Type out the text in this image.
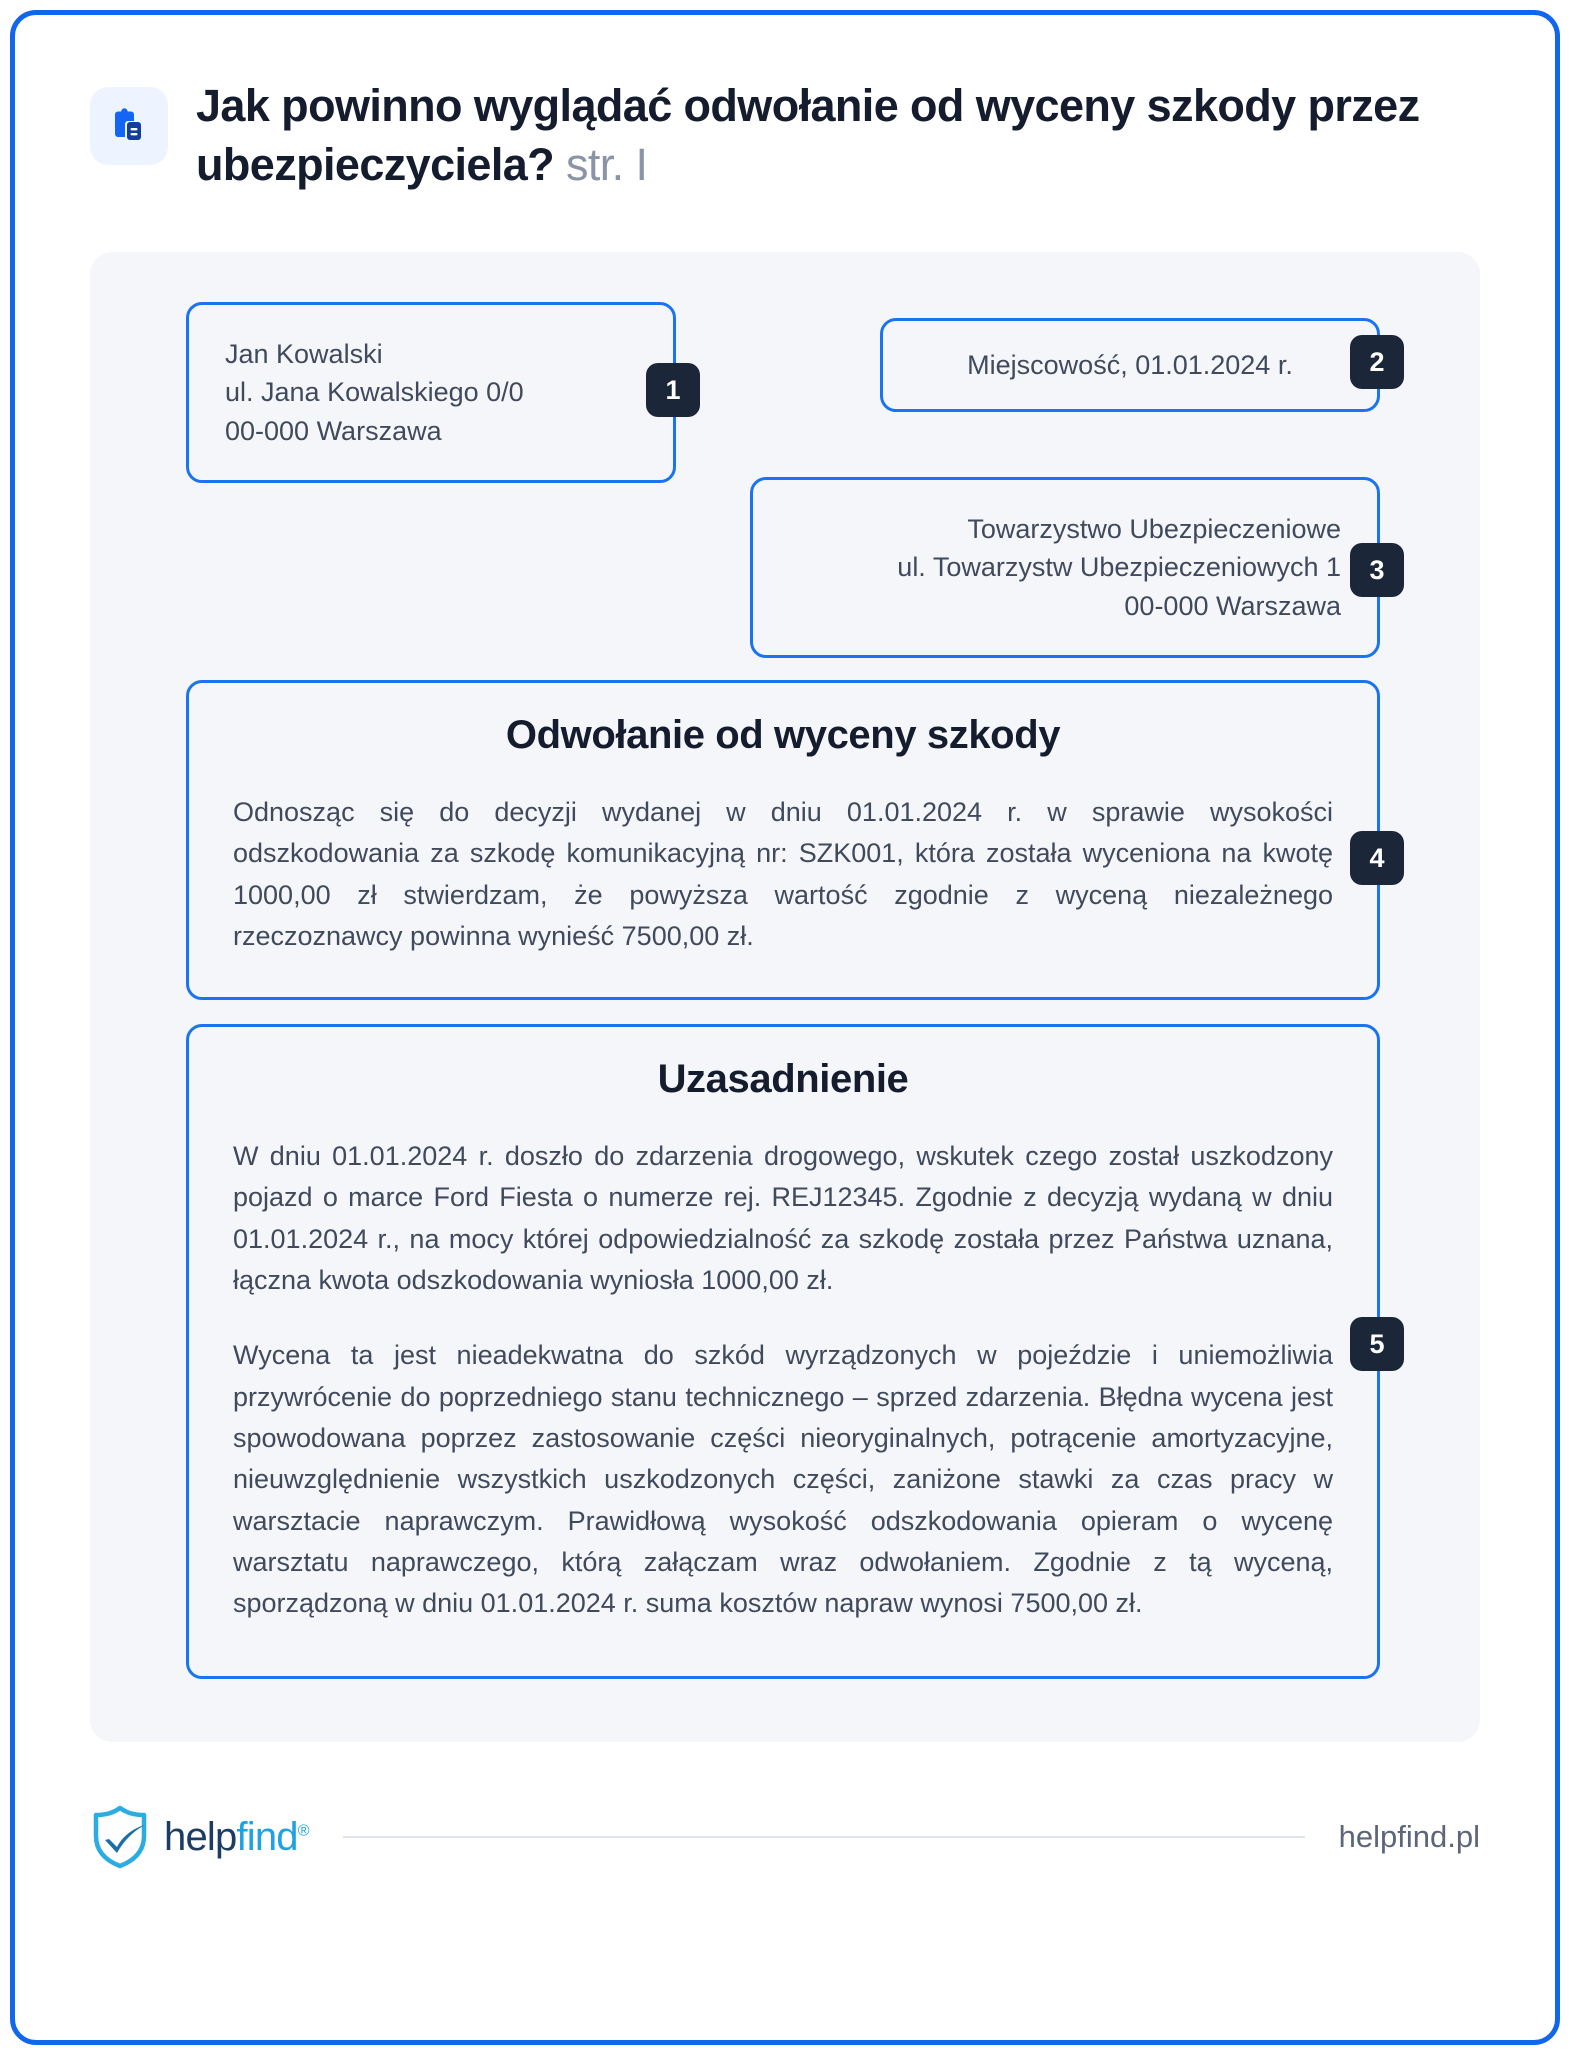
Jak powinno wyglądać odwołanie od wyceny szkody przez ubezpieczyciela? str. I
1
Jan Kowalski
ul. Jana Kowalskiego 0/0
00-000 Warszawa
2
Miejscowość, 01.01.2024 r.
3
Towarzystwo Ubezpieczeniowe
ul. Towarzystw Ubezpieczeniowych 1
00-000 Warszawa
4
Odwołanie od wyceny szkody

Odnosząc się do decyzji wydanej w dniu 01.01.2024 r. w sprawie wysokości odszkodowania za szkodę komunikacyjną nr: SZK001, która została wyceniona na kwotę 1000,00 zł stwierdzam, że powyższa wartość zgodnie z wyceną niezależnego rzeczoznawcy powinna wynieść 7500,00 zł.

5
Uzasadnienie

W dniu 01.01.2024 r. doszło do zdarzenia drogowego, wskutek czego został uszkodzony pojazd o marce Ford Fiesta o numerze rej. REJ12345. Zgodnie z decyzją wydaną w dniu 01.01.2024 r., na mocy której odpowiedzialność za szkodę została przez Państwa uznana, łączna kwota odszkodowania wyniosła 1000,00 zł.

Wycena ta jest nieadekwatna do szkód wyrządzonych w pojeździe i uniemożliwia przywrócenie do poprzedniego stanu technicznego – sprzed zdarzenia. Błędna wycena jest spowodowana poprzez zastosowanie części nieoryginalnych, potrącenie amortyzacyjne, nieuwzględnienie wszystkich uszkodzonych części, zaniżone stawki za czas pracy w warsztacie naprawczym. Prawidłową wysokość odszkodowania opieram o wycenę warsztatu naprawczego, którą załączam wraz odwołaniem. Zgodnie z tą wyceną, sporządzoną w dniu 01.01.2024 r. suma kosztów napraw wynosi 7500,00 zł.

helpfind®	helpfind.pl
